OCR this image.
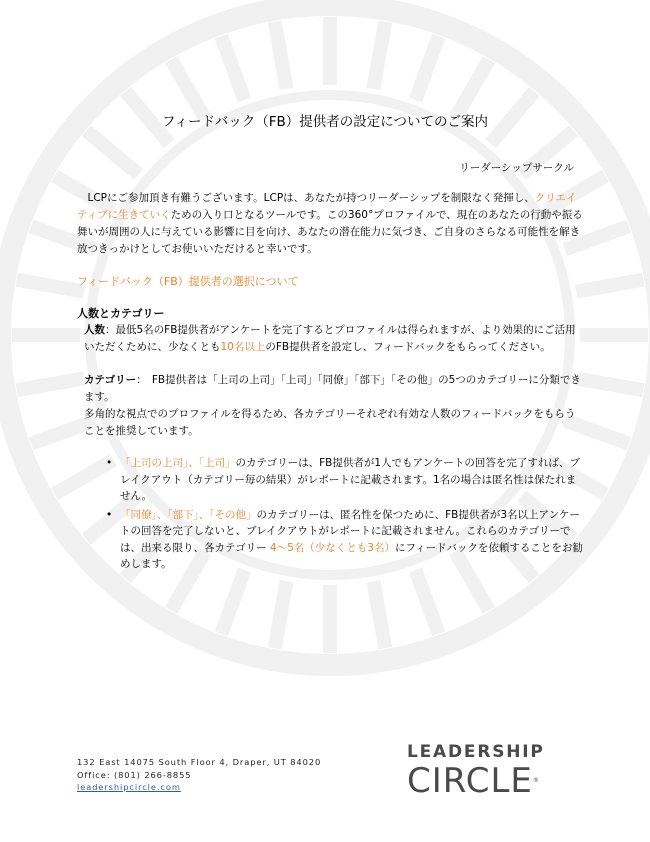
フィードバック（FB）提供者の設定についてのご案内
リーダーシップサークル

　LCPにご参加頂き有難うございます。LCPは、あなたが持つリーダーシップを制限なく発揮し、クリエイティブに生きていくための入り口となるツールです。この360°プロファイルで、現在のあなたの行動や振る舞いが周囲の人に与えている影響に目を向け、あなたの潜在能力に気づき、ご自身のさらなる可能性を解き放つきっかけとしてお使いいただけると幸いです。

フィードバック（FB）提供者の選択について
人数とカテゴリー

人数：最低5名のFB提供者がアンケートを完了するとプロファイルは得られますが、より効果的にご活用いただくために、少なくとも10名以上のFB提供者を設定し、フィードバックをもらってください。

カテゴリー：　FB提供者は「上司の上司」「上司」「同僚」「部下」「その他」の5つのカテゴリーに分類できます。

多角的な視点でのプロファイルを得るため、各カテゴリーそれぞれ有効な人数のフィードバックをもらうことを推奨しています。

• 「上司の上司」、「上司」のカテゴリーは、FB提供者が1人でもアンケートの回答を完了すれば、ブレイクアウト（カテゴリー毎の結果）がレポートに記載されます。1名の場合は匿名性は保たれません。
• 「同僚」、「部下」、「その他」のカテゴリーは、匿名性を保つために、FB提供者が3名以上アンケートの回答を完了しないと、ブレイクアウトがレポートに記載されません。これらのカテゴリーでは、出来る限り、各カテゴリー 4～5名（少なくとも3名）にフィードバックを依頼することをお勧めします。
132 East 14075 South Floor 4, Draper, UT 84020
Office: (801) 266-8855
leadershipcircle.com
LEADERSHIP
CIRCLE®
